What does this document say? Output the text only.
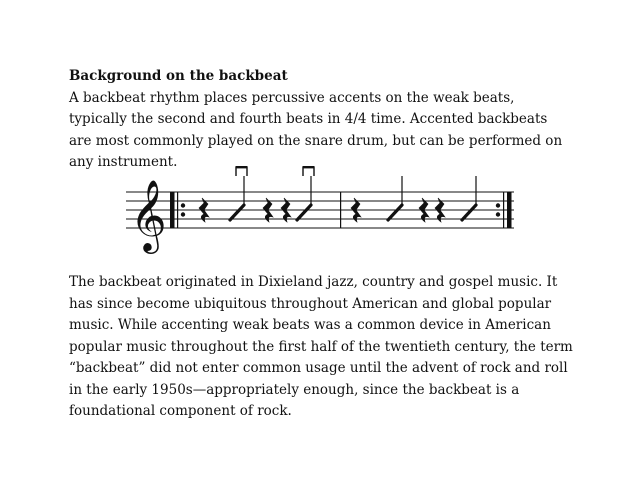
Background on the backbeat
A backbeat rhythm places percussive accents on the weak beats, typically the second and fourth beats in 4/4 time. Accented backbeats are most commonly played on the snare drum, but can be performed on any instrument.
𝄞
The backbeat originated in Dixieland jazz, country and gospel music. It has since become ubiquitous throughout American and global popular music. While accenting weak beats was a common device in American popular music throughout the first half of the twentieth century, the term “backbeat” did not enter common usage until the advent of rock and roll in the early 1950s—appropriately enough, since the backbeat is a foundational component of rock.
